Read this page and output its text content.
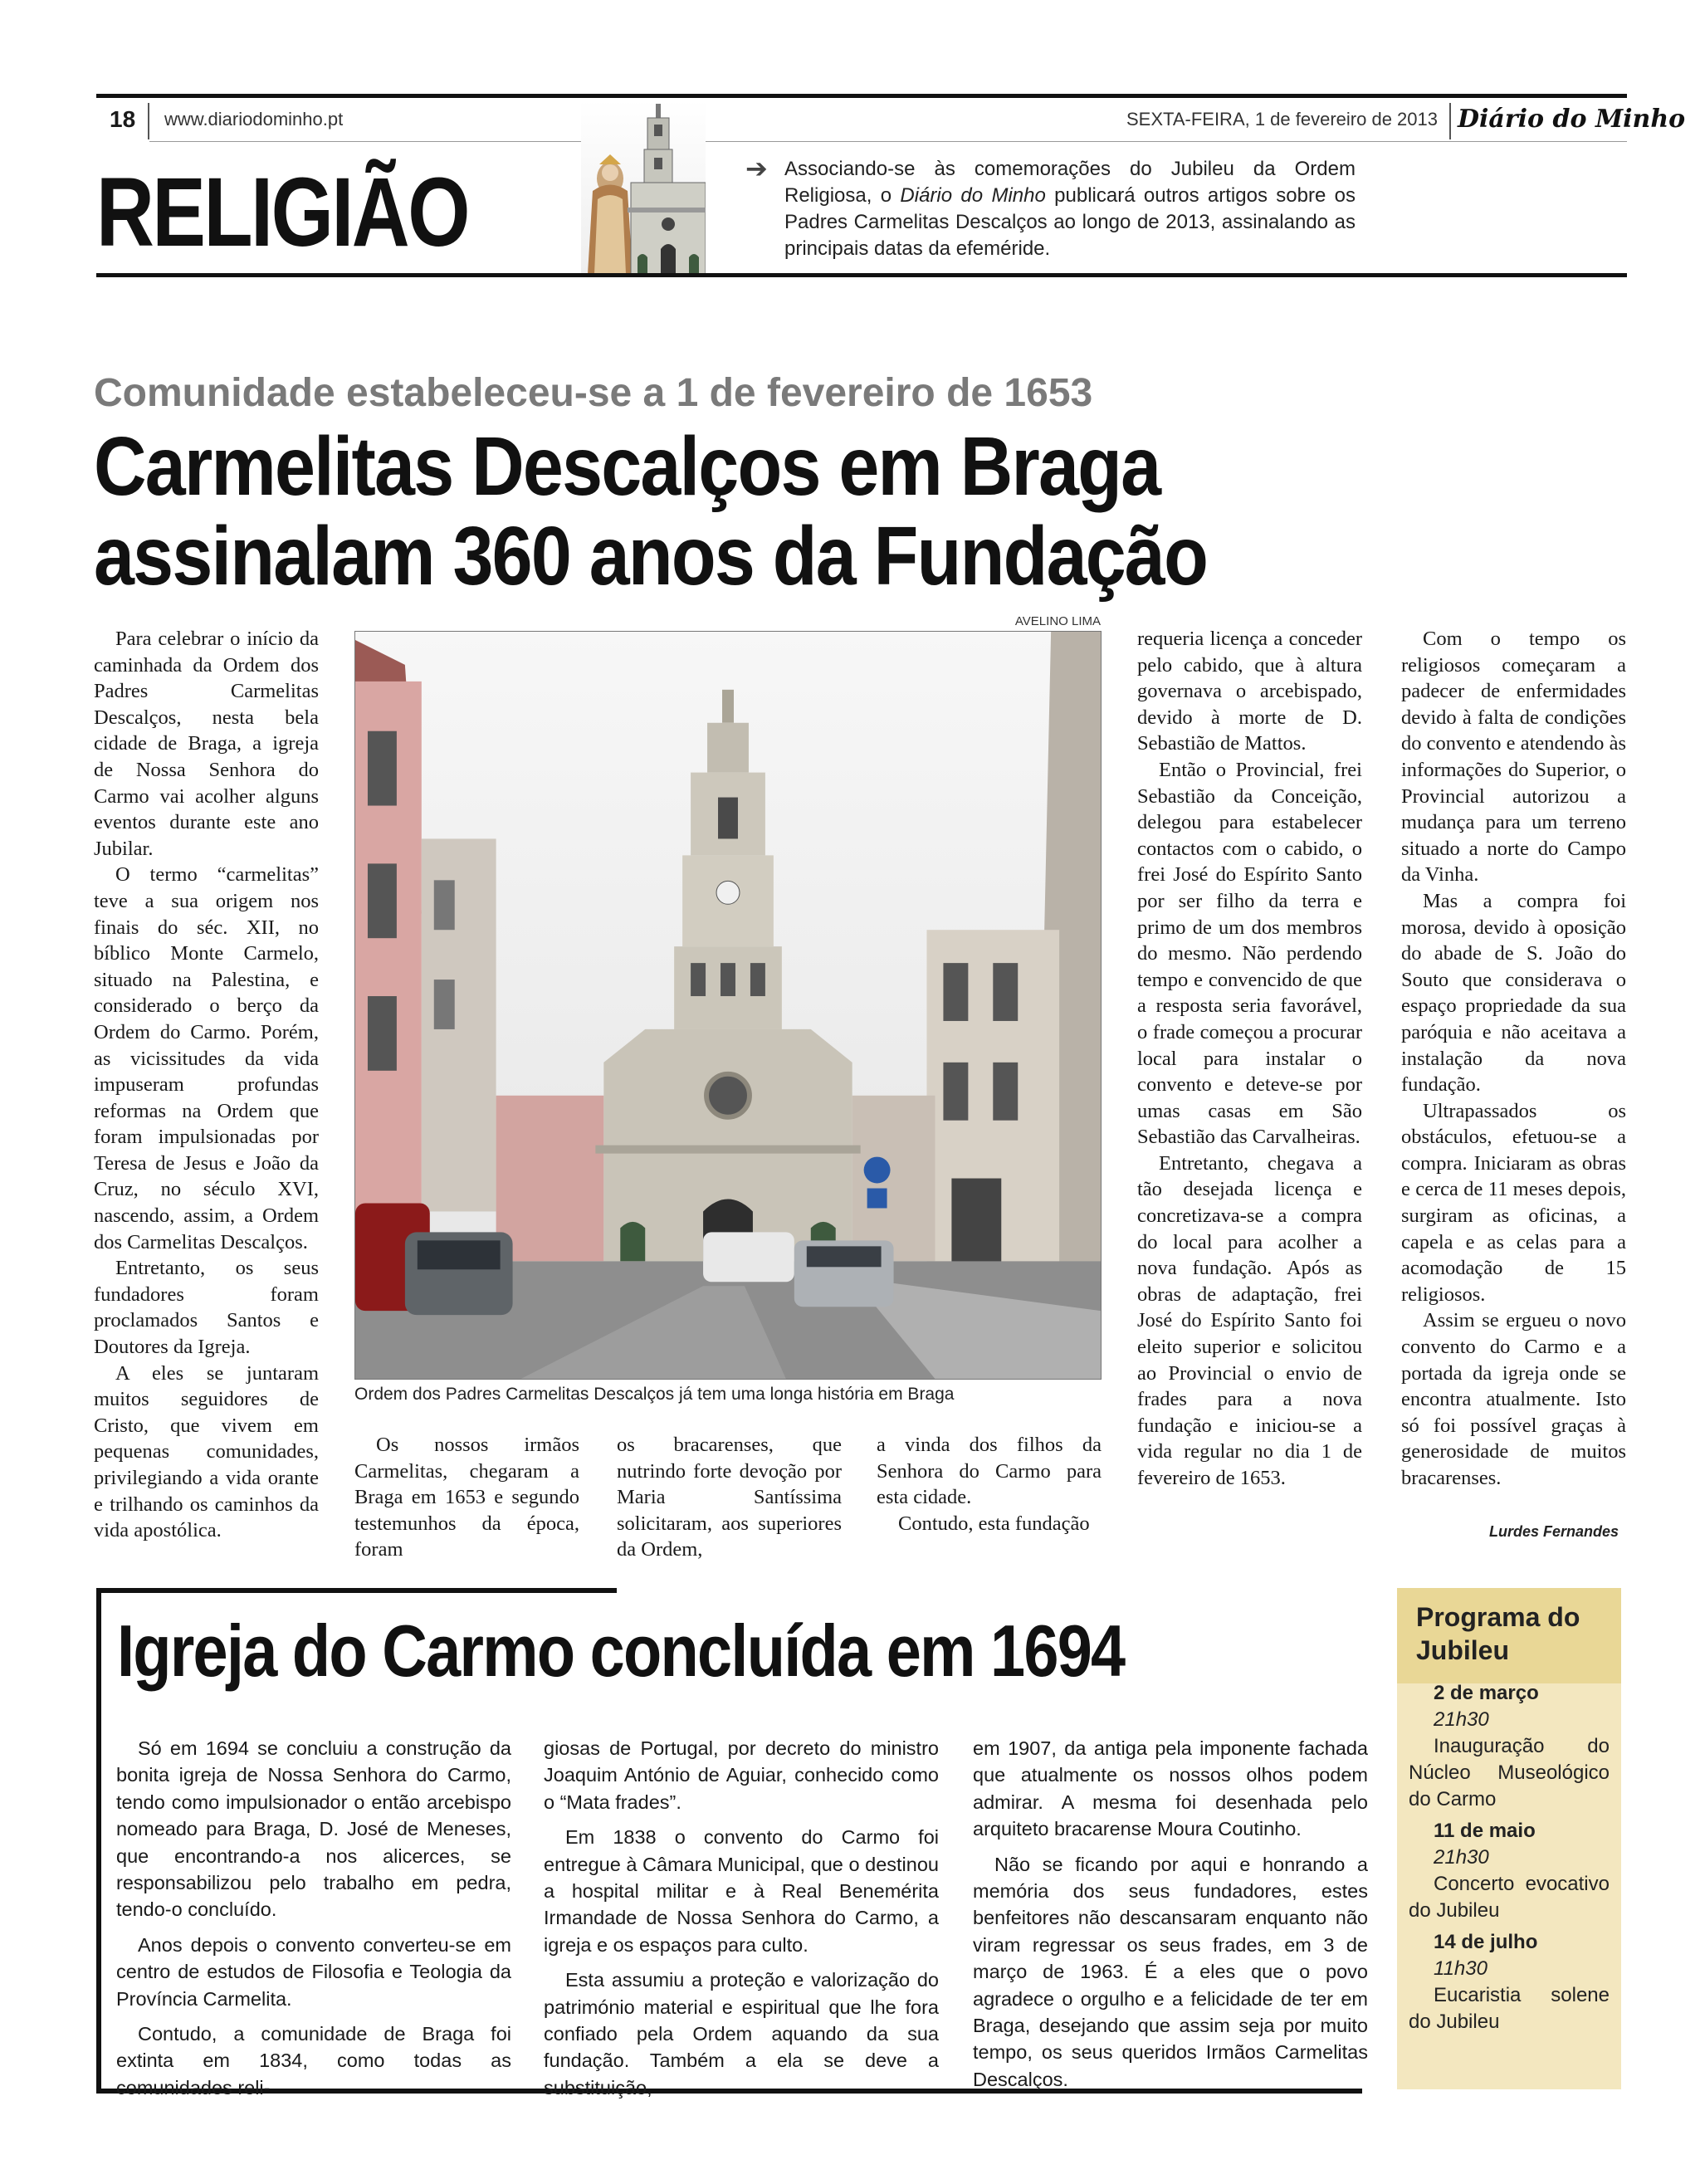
18 www.diariodominho.pt	SEXTA-FEIRA, 1 de fevereiro de 2013 Diário do Minho
RELIGIÃO	➔ Associando-se às comemorações do Jubileu da Ordem Religiosa, o Diário do Minho publicará outros artigos sobre os Padres Carmelitas Descalços ao longo de 2013, assinalando as principais datas da efeméride.
Comunidade estabeleceu-se a 1 de fevereiro de 1653
Carmelitas Descalços em Braga
assinalam 360 anos da Fundação

Para celebrar o início da caminhada da Ordem dos Padres Carmelitas Descalços, nesta bela cidade de Braga, a igreja de Nossa Senhora do Carmo vai acolher alguns eventos durante este ano Jubilar.

O termo “carmelitas” teve a sua origem nos finais do séc. XII, no bíblico Monte Carmelo, situado na Palestina, e considerado o berço da Ordem do Carmo. Porém, as vicissitudes da vida impuseram profundas reformas na Ordem que foram impulsionadas por Teresa de Jesus e João da Cruz, no século XVI, nascendo, assim, a Ordem dos Carmelitas Descalços.

Entretanto, os seus fundadores foram proclamados Santos e Doutores da Igreja.

A eles se juntaram muitos seguidores de Cristo, que vivem em pequenas comunidades, privilegiando a vida orante e trilhando os caminhos da vida apostólica.

AVELINO LIMA
Ordem dos Padres Carmelitas Descalços já tem uma longa história em Braga

Os nossos irmãos Carmelitas, chegaram a Braga em 1653 e segundo testemunhos da época, foram

os bracarenses, que nutrindo forte devoção por Maria Santíssima solicitaram, aos superiores da Ordem,

a vinda dos filhos da Senhora do Carmo para esta cidade.

Contudo, esta fundação

requeria licença a conceder pelo cabido, que à altura governava o arcebispado, devido à morte de D. Sebastião de Mattos.

Então o Provincial, frei Sebastião da Conceição, delegou para estabelecer contactos com o cabido, o frei José do Espírito Santo por ser filho da terra e primo de um dos membros do mesmo. Não perdendo tempo e convencido de que a resposta seria favorável, o frade começou a procurar local para instalar o convento e deteve-se por umas casas em São Sebastião das Carvalheiras.

Entretanto, chegava a tão desejada licença e concretizava-se a compra do local para acolher a nova fundação. Após as obras de adaptação, frei José do Espírito Santo foi eleito superior e solicitou ao Provincial o envio de frades para a nova fundação e iniciou-se a vida regular no dia 1 de fevereiro de 1653.

Com o tempo os religiosos começaram a padecer de enfermidades devido à falta de condições do convento e atendendo às informações do Superior, o Provincial autorizou a mudança para um terreno situado a norte do Campo da Vinha.

Mas a compra foi morosa, devido à oposição do abade de S. João do Souto que considerava o espaço propriedade da sua paróquia e não aceitava a instalação da nova fundação.

Ultrapassados os obstáculos, efetuou-se a compra. Iniciaram as obras e cerca de 11 meses depois, surgiram as oficinas, a capela e as celas para a acomodação de 15 religiosos.

Assim se ergueu o novo convento do Carmo e a portada da igreja onde se encontra atualmente. Isto só foi possível graças à generosidade de muitos bracarenses.

Lurdes Fernandes
Igreja do Carmo concluída em 1694

Só em 1694 se concluiu a construção da bonita igreja de Nossa Senhora do Carmo, tendo como impulsionador o então arcebispo nomeado para Braga, D. José de Meneses, que encontrando-a nos alicerces, se responsabilizou pelo trabalho em pedra, tendo-o concluído.

Anos depois o convento converteu-se em centro de estudos de Filosofia e Teologia da Província Carmelita.

Contudo, a comunidade de Braga foi extinta em 1834, como todas as comunidades reli-

giosas de Portugal, por decreto do ministro Joaquim António de Aguiar, conhecido como o “Mata frades”.

Em 1838 o convento do Carmo foi entregue à Câmara Municipal, que o destinou a hospital militar e à Real Benemérita Irmandade de Nossa Senhora do Carmo, a igreja e os espaços para culto.

Esta assumiu a proteção e valorização do património material e espiritual que lhe fora confiado pela Ordem aquando da sua fundação. Também a ela se deve a substituição,

em 1907, da antiga pela imponente fachada que atualmente os nossos olhos podem admirar. A mesma foi desenhada pelo arquiteto bracarense Moura Coutinho.

Não se ficando por aqui e honrando a memória dos seus fundadores, estes benfeitores não descansaram enquanto não viram regressar os seus frades, em 3 de março de 1963. É a eles que o povo agradece o orgulho e a felicidade de ter em Braga, desejando que assim seja por muito tempo, os seus queridos Irmãos Carmelitas Descalços.

Programa do Jubileu
2 de março
21h30
Inauguração do Núcleo Museológico do Carmo
11 de maio
21h30
Concerto evocativo do Jubileu
14 de julho
11h30
Eucaristia solene do Jubileu
